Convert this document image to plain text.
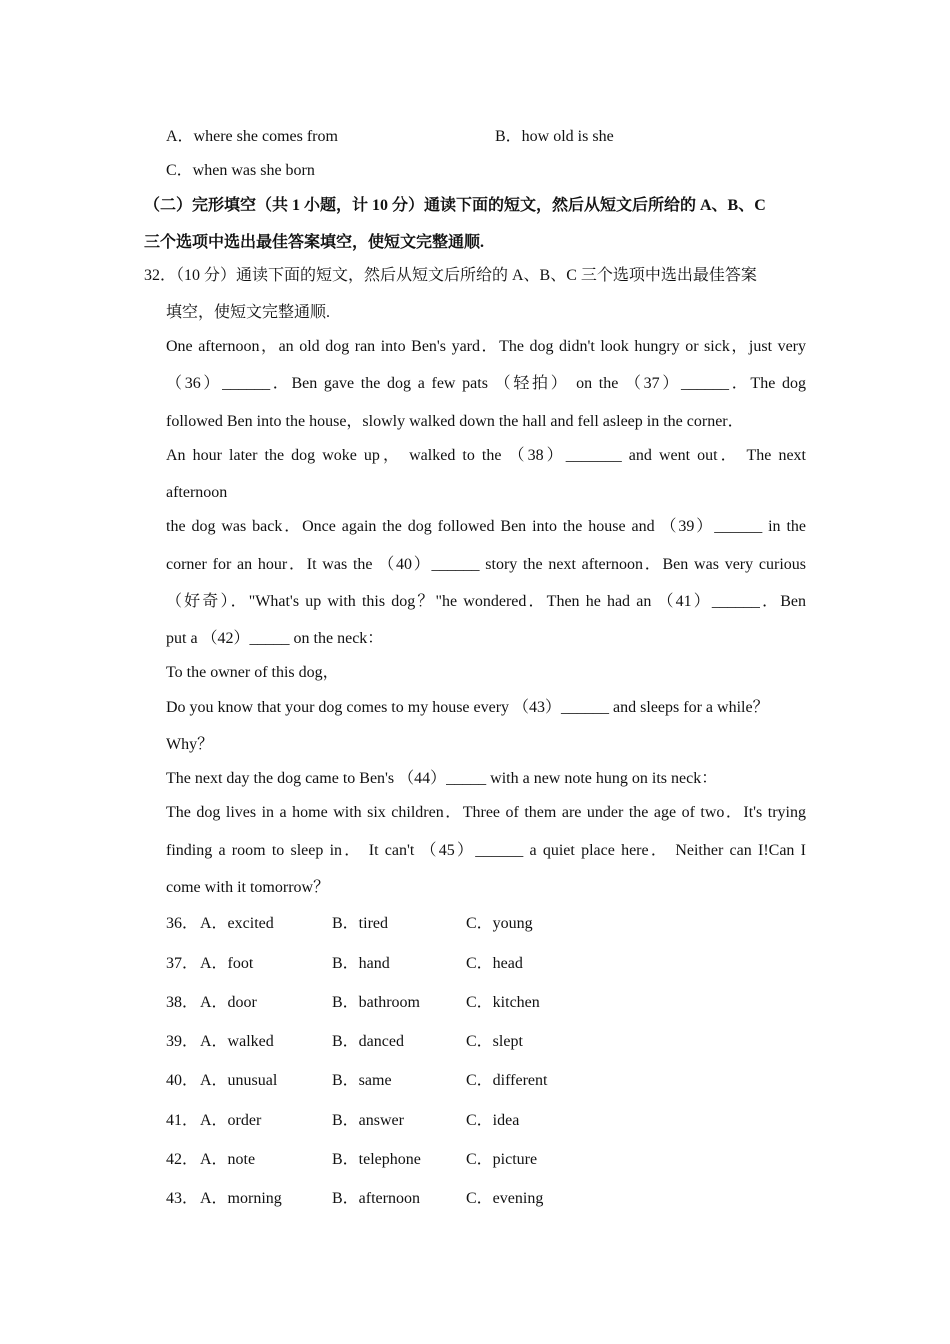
A．where she comes from	B．how old is she
C．when was she born
（二）完形填空（共 1 小题，计 10 分）通读下面的短文，然后从短文后所给的 A、B、C
三个选项中选出最佳答案填空，使短文完整通顺.
32．（10 分）通读下面的短文，然后从短文后所给的 A、B、C 三个选项中选出最佳答案
填空，使短文完整通顺.
One afternoon，an old dog ran into Ben's yard．The dog didn't look hungry or sick，just very
（36）______．Ben gave the dog a few pats （轻拍） on the （37）______．The dog
followed Ben into the house，slowly walked down the hall and fell asleep in the corner．
An hour later the dog woke up， walked to the （38）_______ and went out． The next
afternoon
the dog was back．Once again the dog followed Ben into the house and （39）______ in the
corner for an hour．It was the （40）______ story the next afternoon．Ben was very curious
（好奇）．"What's up with this dog？"he wondered．Then he had an （41）______．Ben
put a （42）_____ on the neck：
To the owner of this dog，
Do you know that your dog comes to my house every （43）______ and sleeps for a while？
Why？
The next day the dog came to Ben's （44）_____ with a new note hung on its neck：
The dog lives in a home with six children．Three of them are under the age of two．It's trying
finding a room to sleep in． It can't （45）______ a quiet place here． Neither can I!Can I
come with it tomorrow？
36． A．excited	B．tired	C．young
37． A．foot	B．hand	C．head
38． A．door	B．bathroom	C．kitchen
39． A．walked	B．danced	C．slept
40． A．unusual	B．same	C．different
41． A．order	B．answer	C．idea
42． A．note	B．telephone	C．picture
43． A．morning	B．afternoon	C．evening
